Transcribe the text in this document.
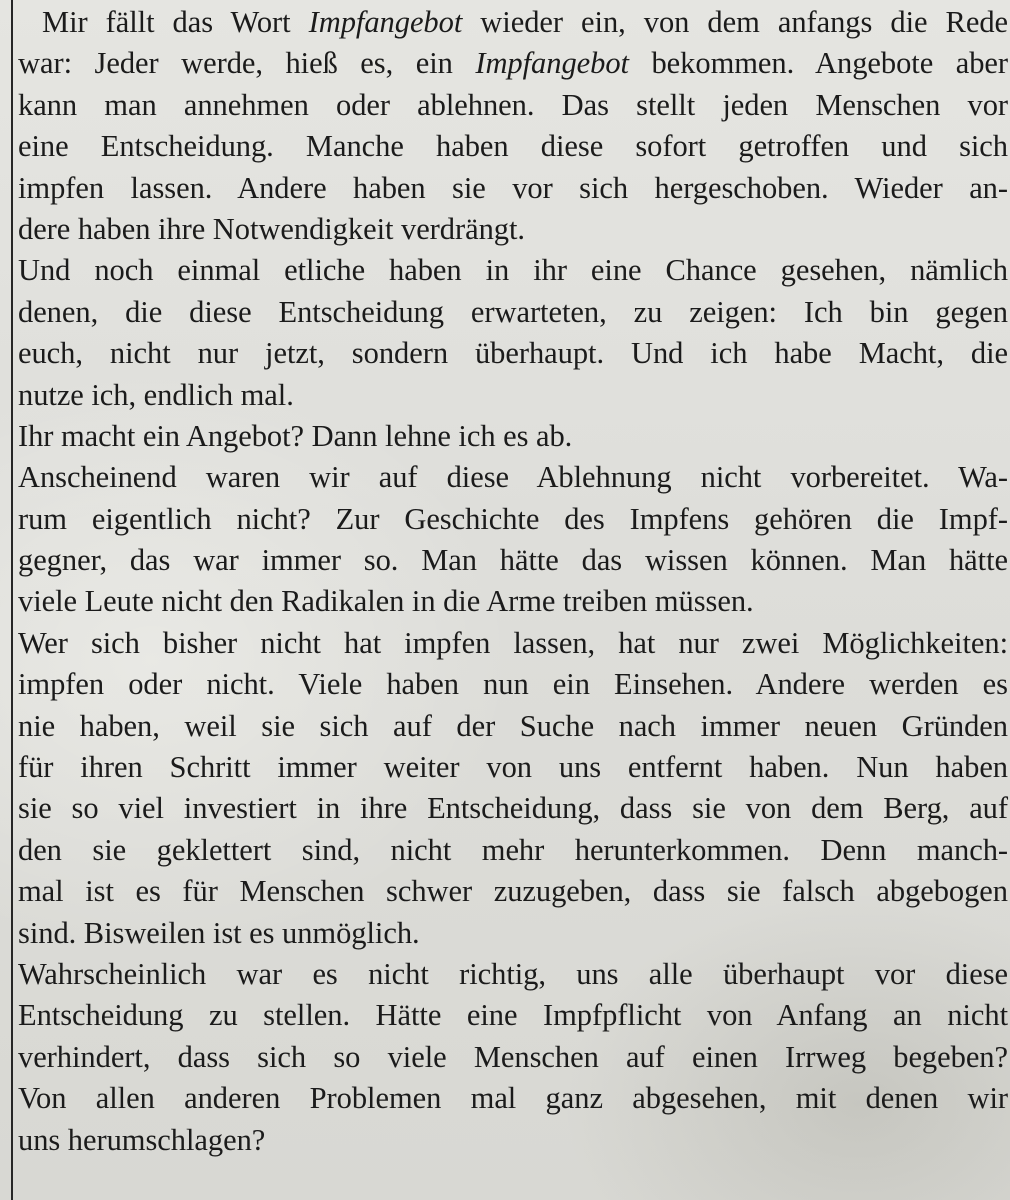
Mir fällt das Wort Impfangebot wieder ein, von dem anfangs die Rede
war: Jeder werde, hieß es, ein Impfangebot bekommen. Angebote aber
kann man annehmen oder ablehnen. Das stellt jeden Menschen vor
eine Entscheidung. Manche haben diese sofort getroffen und sich
impfen lassen. Andere haben sie vor sich hergeschoben. Wieder an-
dere haben ihre Notwendigkeit verdrängt.
Und noch einmal etliche haben in ihr eine Chance gesehen, nämlich
denen, die diese Entscheidung erwarteten, zu zeigen: Ich bin gegen
euch, nicht nur jetzt, sondern überhaupt. Und ich habe Macht, die
nutze ich, endlich mal.
Ihr macht ein Angebot? Dann lehne ich es ab.
Anscheinend waren wir auf diese Ablehnung nicht vorbereitet. Wa-
rum eigentlich nicht? Zur Geschichte des Impfens gehören die Impf-
gegner, das war immer so. Man hätte das wissen können. Man hätte
viele Leute nicht den Radikalen in die Arme treiben müssen.
Wer sich bisher nicht hat impfen lassen, hat nur zwei Möglichkeiten:
impfen oder nicht. Viele haben nun ein Einsehen. Andere werden es
nie haben, weil sie sich auf der Suche nach immer neuen Gründen
für ihren Schritt immer weiter von uns entfernt haben. Nun haben
sie so viel investiert in ihre Entscheidung, dass sie von dem Berg, auf
den sie geklettert sind, nicht mehr herunterkommen. Denn manch-
mal ist es für Menschen schwer zuzugeben, dass sie falsch abgebogen
sind. Bisweilen ist es unmöglich.
Wahrscheinlich war es nicht richtig, uns alle überhaupt vor diese
Entscheidung zu stellen. Hätte eine Impfpflicht von Anfang an nicht
verhindert, dass sich so viele Menschen auf einen Irrweg begeben?
Von allen anderen Problemen mal ganz abgesehen, mit denen wir
uns herumschlagen?
